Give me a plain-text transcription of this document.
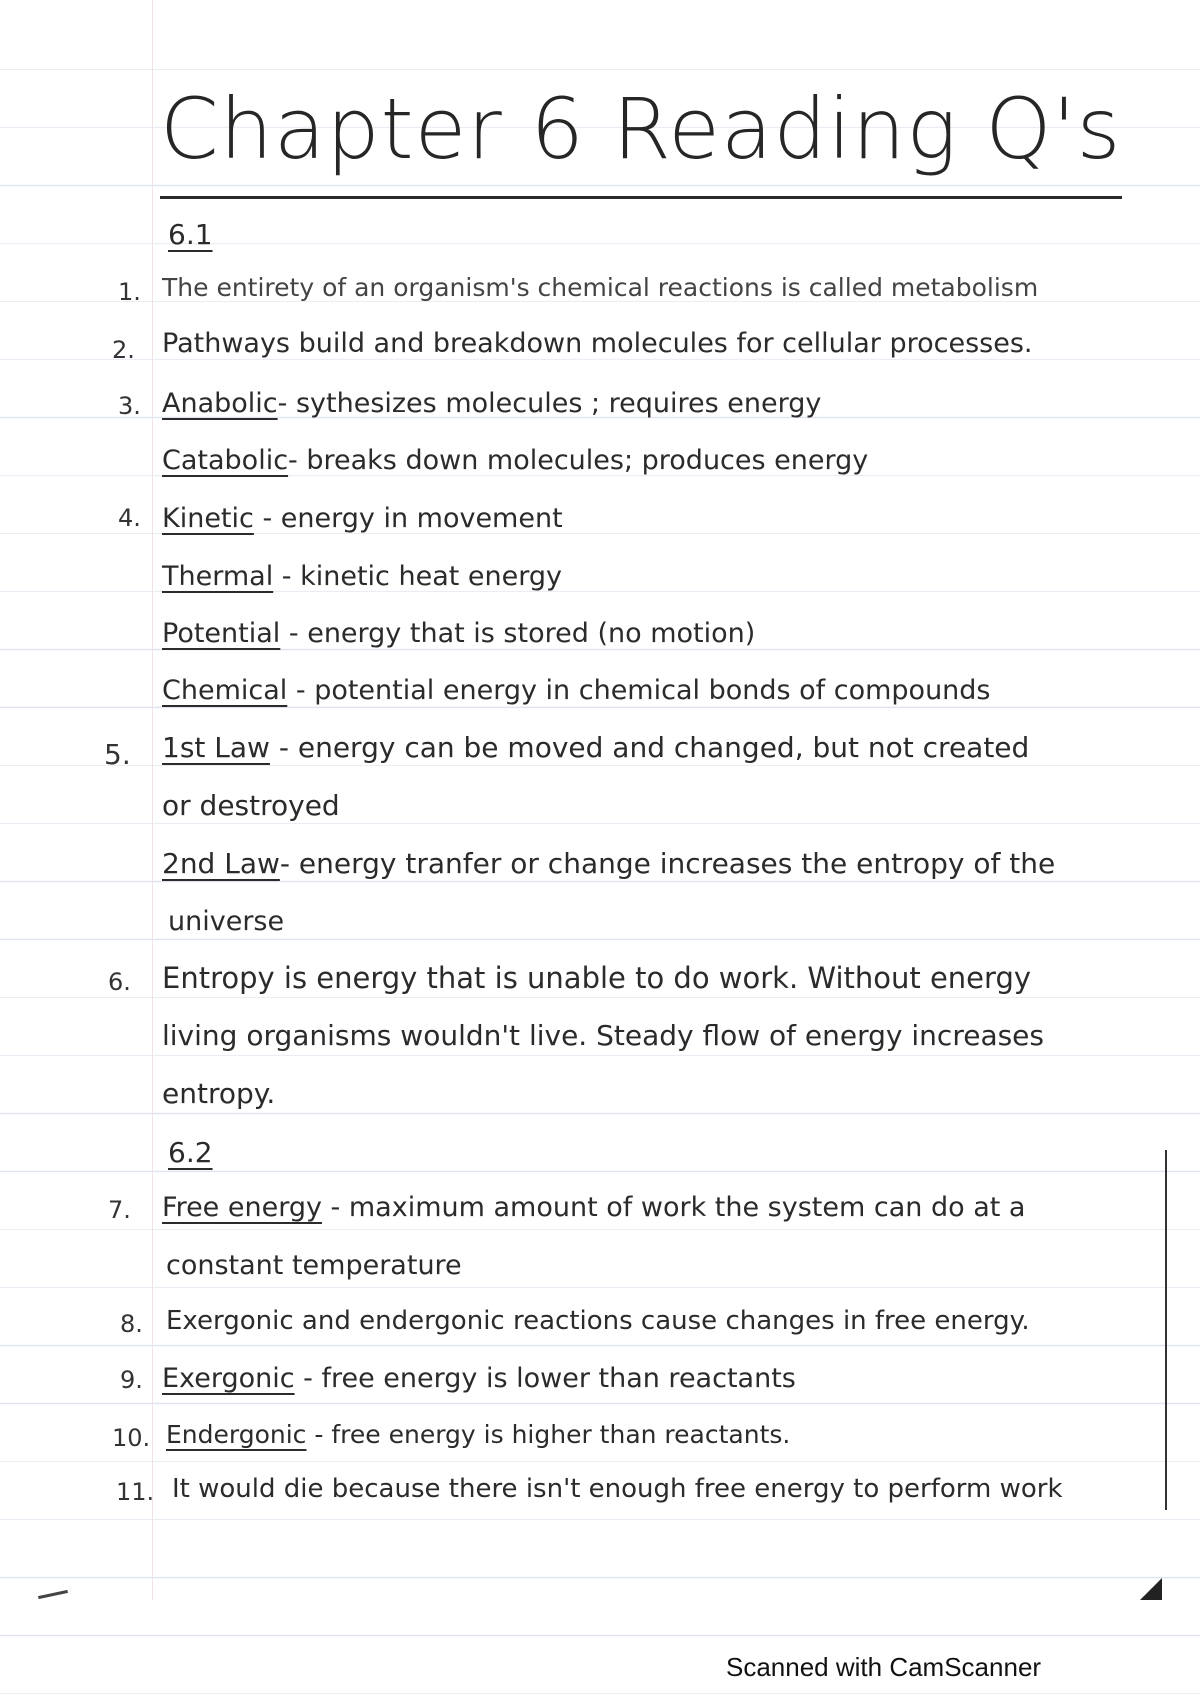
Chapter 6 Reading Q's
6.1
1. The entirety of an organism's chemical reactions is called metabolism
2. Pathways build and breakdown molecules for cellular processes.
3. Anabolic- sythesizes molecules ; requires energy
Catabolic- breaks down molecules; produces energy
4. Kinetic - energy in movement
Thermal - kinetic heat energy
Potential - energy that is stored (no motion)
Chemical - potential energy in chemical bonds of compounds
5. 1st Law - energy can be moved and changed, but not created
or destroyed
2nd Law- energy tranfer or change increases the entropy of the
universe
6. Entropy is energy that is unable to do work. Without energy
living organisms wouldn't live. Steady flow of energy increases
entropy.
6.2
7. Free energy - maximum amount of work the system can do at a
constant temperature
8. Exergonic and endergonic reactions cause changes in free energy.
9. Exergonic - free energy is lower than reactants
10. Endergonic - free energy is higher than reactants.
11. It would die because there isn't enough free energy to perform work
Scanned with CamScanner
